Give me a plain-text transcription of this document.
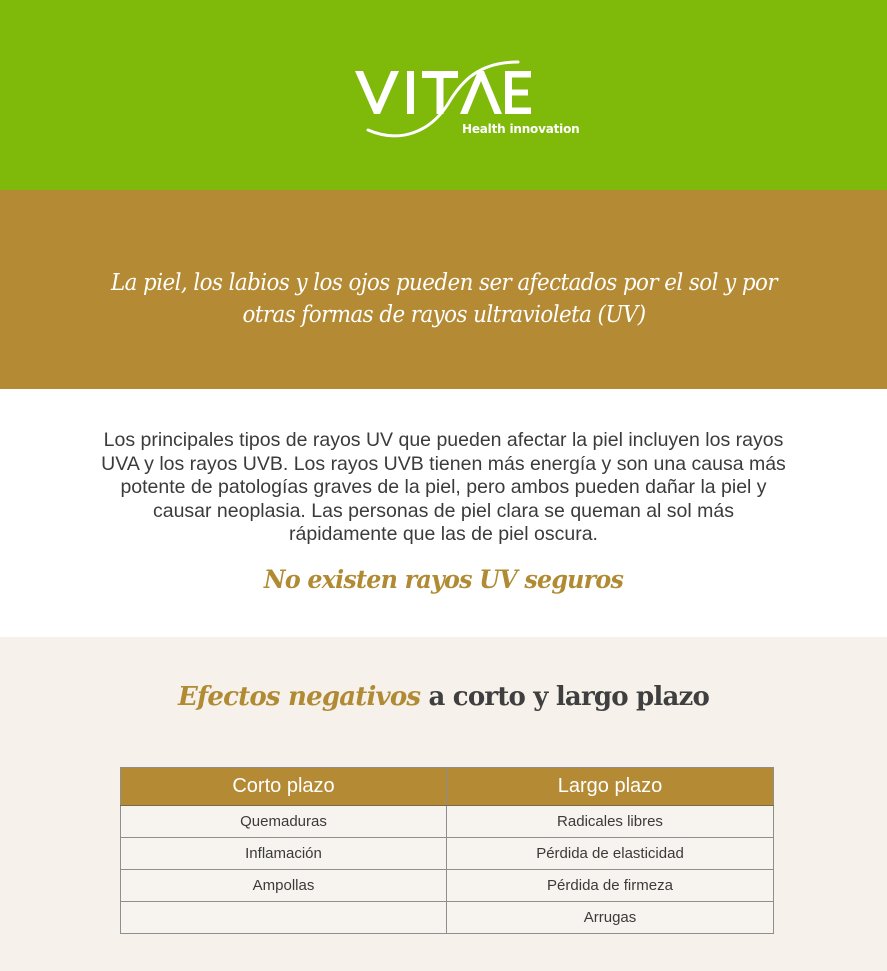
Health innovation

La piel, los labios y los ojos pueden ser afectados por el sol y por otras formas de rayos ultravioleta (UV)

Los principales tipos de rayos UV que pueden afectar la piel incluyen los rayos UVA y los rayos UVB. Los rayos UVB tienen más energía y son una causa más potente de patologías graves de la piel, pero ambos pueden dañar la piel y causar neoplasia. Las personas de piel clara se queman al sol más rápidamente que las de piel oscura.

No existen rayos UV seguros
Efectos negativos a corto y largo plazo
Corto plazo	Largo plazo
Quemaduras	Radicales libres
Inflamación	Pérdida de elasticidad
Ampollas	Pérdida de firmeza
	Arrugas
